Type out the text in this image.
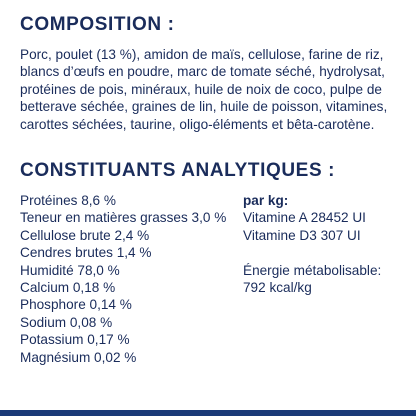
COMPOSITION :

Porc, poulet (13 %), amidon de maïs, cellulose, farine de riz, blancs d’œufs en poudre, marc de tomate séché, hydrolysat, protéines de pois, minéraux, huile de noix de coco, pulpe de betterave séchée, graines de lin, huile de poisson, vitamines, carottes séchées, taurine, oligo-éléments et bêta-carotène.

CONSTITUANTS ANALYTIQUES :
Protéines 8,6 %
Teneur en matières grasses 3,0 %
Cellulose brute 2,4 %
Cendres brutes 1,4 %
Humidité 78,0 %
Calcium 0,18 %
Phosphore 0,14 %
Sodium 0,08 %
Potassium 0,17 %
Magnésium 0,02 %
par kg:
Vitamine A 28452 UI
Vitamine D3 307 UI
Énergie métabolisable:
792 kcal/kg
